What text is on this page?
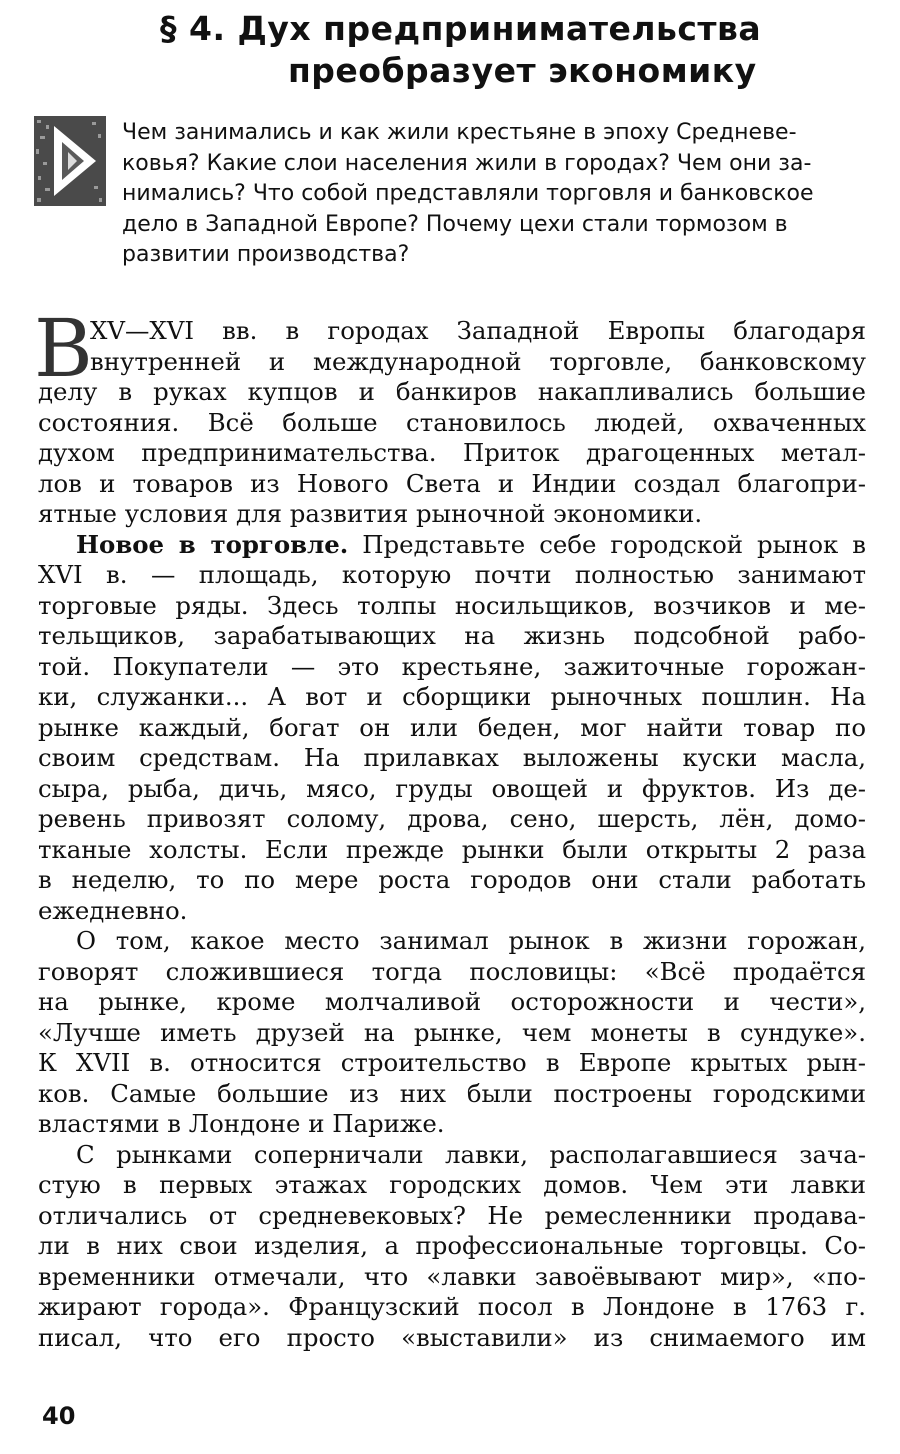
§ 4. Дух предпринимательства
преобразует экономику
Чем занимались и как жили крестьяне в эпоху Средневе-
ковья? Какие слои населения жили в городах? Чем они за-
нимались? Что собой представляли торговля и банковское
дело в Западной Европе? Почему цехи стали тормозом в
развитии производства?
В
XV—XVI вв. в городах Западной Европы благодаря
внутренней и международной торговле, банковскому
делу в руках купцов и банкиров накапливались большие
состояния. Всё больше становилось людей, охваченных
духом предпринимательства. Приток драгоценных метал-
лов и товаров из Нового Света и Индии создал благопри-
ятные условия для развития рыночной экономики.
Новое в торговле. Представьте себе городской рынок в
XVI в. — площадь, которую почти полностью занимают
торговые ряды. Здесь толпы носильщиков, возчиков и ме-
тельщиков, зарабатывающих на жизнь подсобной рабо-
той. Покупатели — это крестьяне, зажиточные горожан-
ки, служанки... А вот и сборщики рыночных пошлин. На
рынке каждый, богат он или беден, мог найти товар по
своим средствам. На прилавках выложены куски масла,
сыра, рыба, дичь, мясо, груды овощей и фруктов. Из де-
ревень привозят солому, дрова, сено, шерсть, лён, домо-
тканые холсты. Если прежде рынки были открыты 2 раза
в неделю, то по мере роста городов они стали работать
ежедневно.
О том, какое место занимал рынок в жизни горожан,
говорят сложившиеся тогда пословицы: «Всё продаётся
на рынке, кроме молчаливой осторожности и чести»,
«Лучше иметь друзей на рынке, чем монеты в сундуке».
К XVII в. относится строительство в Европе крытых рын-
ков. Самые большие из них были построены городскими
властями в Лондоне и Париже.
С рынками соперничали лавки, располагавшиеся зача-
стую в первых этажах городских домов. Чем эти лавки
отличались от средневековых? Не ремесленники продава-
ли в них свои изделия, а профессиональные торговцы. Со-
временники отмечали, что «лавки завоёвывают мир», «по-
жирают города». Французский посол в Лондоне в 1763 г.
писал, что его просто «выставили» из снимаемого им
40
